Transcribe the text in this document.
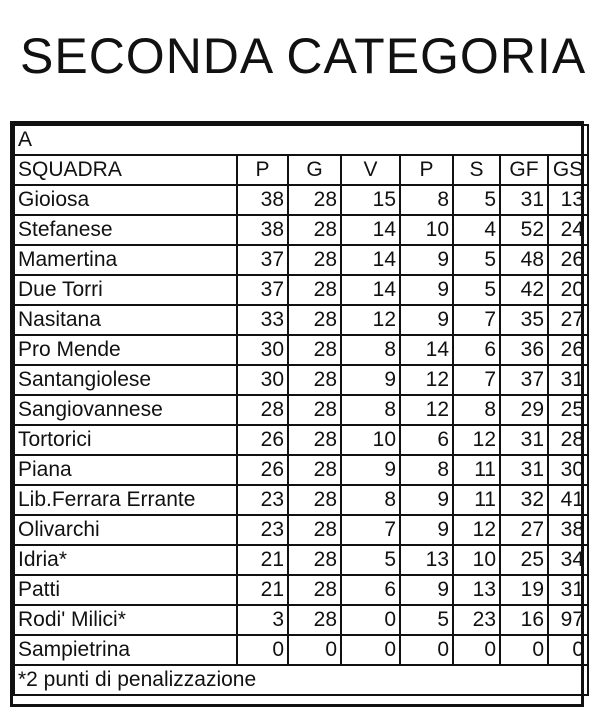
SECONDA CATEGORIA
A							
SQUADRA	P	G	V	P	S	GF	GS
Gioiosa	38	28	15	8	5	31	13
Stefanese	38	28	14	10	4	52	24
Mamertina	37	28	14	9	5	48	26
Due Torri	37	28	14	9	5	42	20
Nasitana	33	28	12	9	7	35	27
Pro Mende	30	28	8	14	6	36	26
Santangiolese	30	28	9	12	7	37	31
Sangiovannese	28	28	8	12	8	29	25
Tortorici	26	28	10	6	12	31	28
Piana	26	28	9	8	11	31	30
Lib.Ferrara Errante	23	28	8	9	11	32	41
Olivarchi	23	28	7	9	12	27	38
Idria*	21	28	5	13	10	25	34
Patti	21	28	6	9	13	19	31
Rodi' Milici*	3	28	0	5	23	16	97
Sampietrina	0	0	0	0	0	0	0
*2 punti di penalizzazione							
